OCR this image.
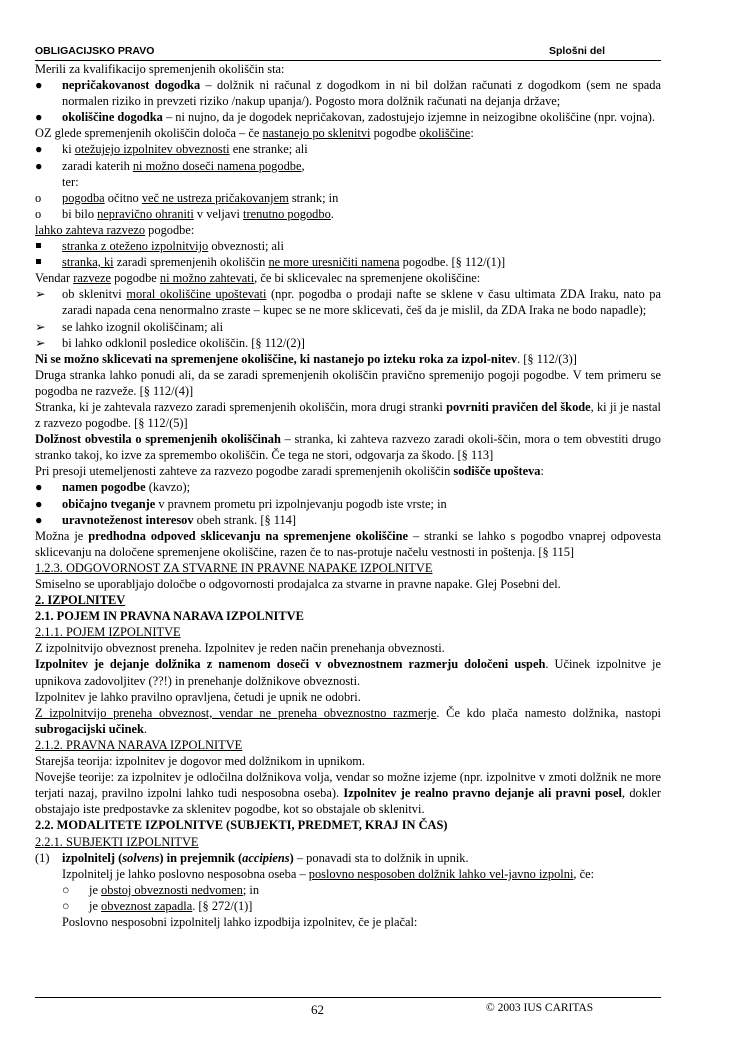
OBLIGACIJSKO PRAVO	Splošni del

Merili za kvalifikacijo spremenjenih okoliščin sta:

●	nepričakovanost dogodka – dolžnik ni računal z dogodkom in ni bil dolžan računati z dogodkom (sem ne spada normalen riziko in prevzeti riziko /nakup upanja/). Pogosto mora dolžnik računati na dejanja države;

●	okoliščine dogodka – ni nujno, da je dogodek nepričakovan, zadostujejo izjemne in neizogibne okoliščine (npr. vojna).

OZ glede spremenjenih okoliščin določa – če nastanejo po sklenitvi pogodbe okoliščine:

●	ki otežujejo izpolnitev obveznosti ene stranke; ali

●	zaradi katerih ni možno doseči namena pogodbe,

ter:

o	pogodba očitno več ne ustreza pričakovanjem strank; in

o	bi bilo nepravično ohraniti v veljavi trenutno pogodbo.

lahko zahteva razvezo pogodbe:

stranka z oteženo izpolnitvijo obveznosti; ali

stranka, ki zaradi spremenjenih okoliščin ne more uresničiti namena pogodbe. [§ 112/(1)]

Vendar razveze pogodbe ni možno zahtevati, če bi sklicevalec na spremenjene okoliščine:

➢	ob sklenitvi moral okoliščine upoštevati (npr. pogodba o prodaji nafte se sklene v času ultimata ZDA Iraku, nato pa zaradi napada cena nenormalno zraste – kupec se ne more sklicevati, češ da je mislil, da ZDA Iraka ne bodo napadle);

➢	se lahko izognil okoliščinam; ali

➢	bi lahko odklonil posledice okoliščin. [§ 112/(2)]

Ni se možno sklicevati na spremenjene okoliščine, ki nastanejo po izteku roka za izpol-nitev. [§ 112/(3)]

Druga stranka lahko ponudi ali, da se zaradi spremenjenih okoliščin pravično spremenijo pogoji pogodbe. V tem primeru se pogodba ne razveže. [§ 112/(4)]

Stranka, ki je zahtevala razvezo zaradi spremenjenih okoliščin, mora drugi stranki povrniti pravičen del škode, ki ji je nastal z razvezo pogodbe. [§ 112/(5)]

Dolžnost obvestila o spremenjenih okoliščinah – stranka, ki zahteva razvezo zaradi okoli-ščin, mora o tem obvestiti drugo stranko takoj, ko izve za spremembo okoliščin. Če tega ne stori, odgovarja za škodo. [§ 113]

Pri presoji utemeljenosti zahteve za razvezo pogodbe zaradi spremenjenih okoliščin sodišče upošteva:

●	namen pogodbe (kavzo);

●	običajno tveganje v pravnem prometu pri izpolnjevanju pogodb iste vrste; in

●	uravnoteženost interesov obeh strank. [§ 114]

Možna je predhodna odpoved sklicevanju na spremenjene okoliščine – stranki se lahko s pogodbo vnaprej odpovesta sklicevanju na določene spremenjene okoliščine, razen če to nas-protuje načelu vestnosti in poštenja. [§ 115]

1.2.3. ODGOVORNOST ZA STVARNE IN PRAVNE NAPAKE IZPOLNITVE

Smiselno se uporabljajo določbe o odgovornosti prodajalca za stvarne in pravne napake. Glej Posebni del.

2. IZPOLNITEV

2.1. POJEM IN PRAVNA NARAVA IZPOLNITVE

2.1.1. POJEM IZPOLNITVE

Z izpolnitvijo obveznost preneha. Izpolnitev je reden način prenehanja obveznosti.

Izpolnitev je dejanje dolžnika z namenom doseči v obveznostnem razmerju določeni uspeh. Učinek izpolnitve je upnikova zadovoljitev (??!) in prenehanje dolžnikove obveznosti.

Izpolnitev je lahko pravilno opravljena, četudi je upnik ne odobri.

Z izpolnitvijo preneha obveznost, vendar ne preneha obveznostno razmerje. Če kdo plača namesto dolžnika, nastopi subrogacijski učinek.

2.1.2. PRAVNA NARAVA IZPOLNITVE

Starejša teorija: izpolnitev je dogovor med dolžnikom in upnikom.

Novejše teorije: za izpolnitev je odločilna dolžnikova volja, vendar so možne izjeme (npr. izpolnitve v zmoti dolžnik ne more terjati nazaj, pravilno izpolni lahko tudi nesposobna oseba). Izpolnitev je realno pravno dejanje ali pravni posel, dokler obstajajo iste predpostavke za sklenitev pogodbe, kot so obstajale ob sklenitvi.

2.2. MODALITETE IZPOLNITVE (SUBJEKTI, PREDMET, KRAJ IN ČAS)

2.2.1. SUBJEKTI IZPOLNITVE

(1)	izpolnitelj (solvens) in prejemnik (accipiens) – ponavadi sta to dolžnik in upnik.

Izpolnitelj je lahko poslovno nesposobna oseba – poslovno nesposoben dolžnik lahko vel-javno izpolni, če:

○ je obstoj obveznosti nedvomen; in

○ je obveznost zapadla. [§ 272/(1)]

Poslovno nesposobni izpolnitelj lahko izpodbija izpolnitev, če je plačal:

62	© 2003 IUS CARITAS
